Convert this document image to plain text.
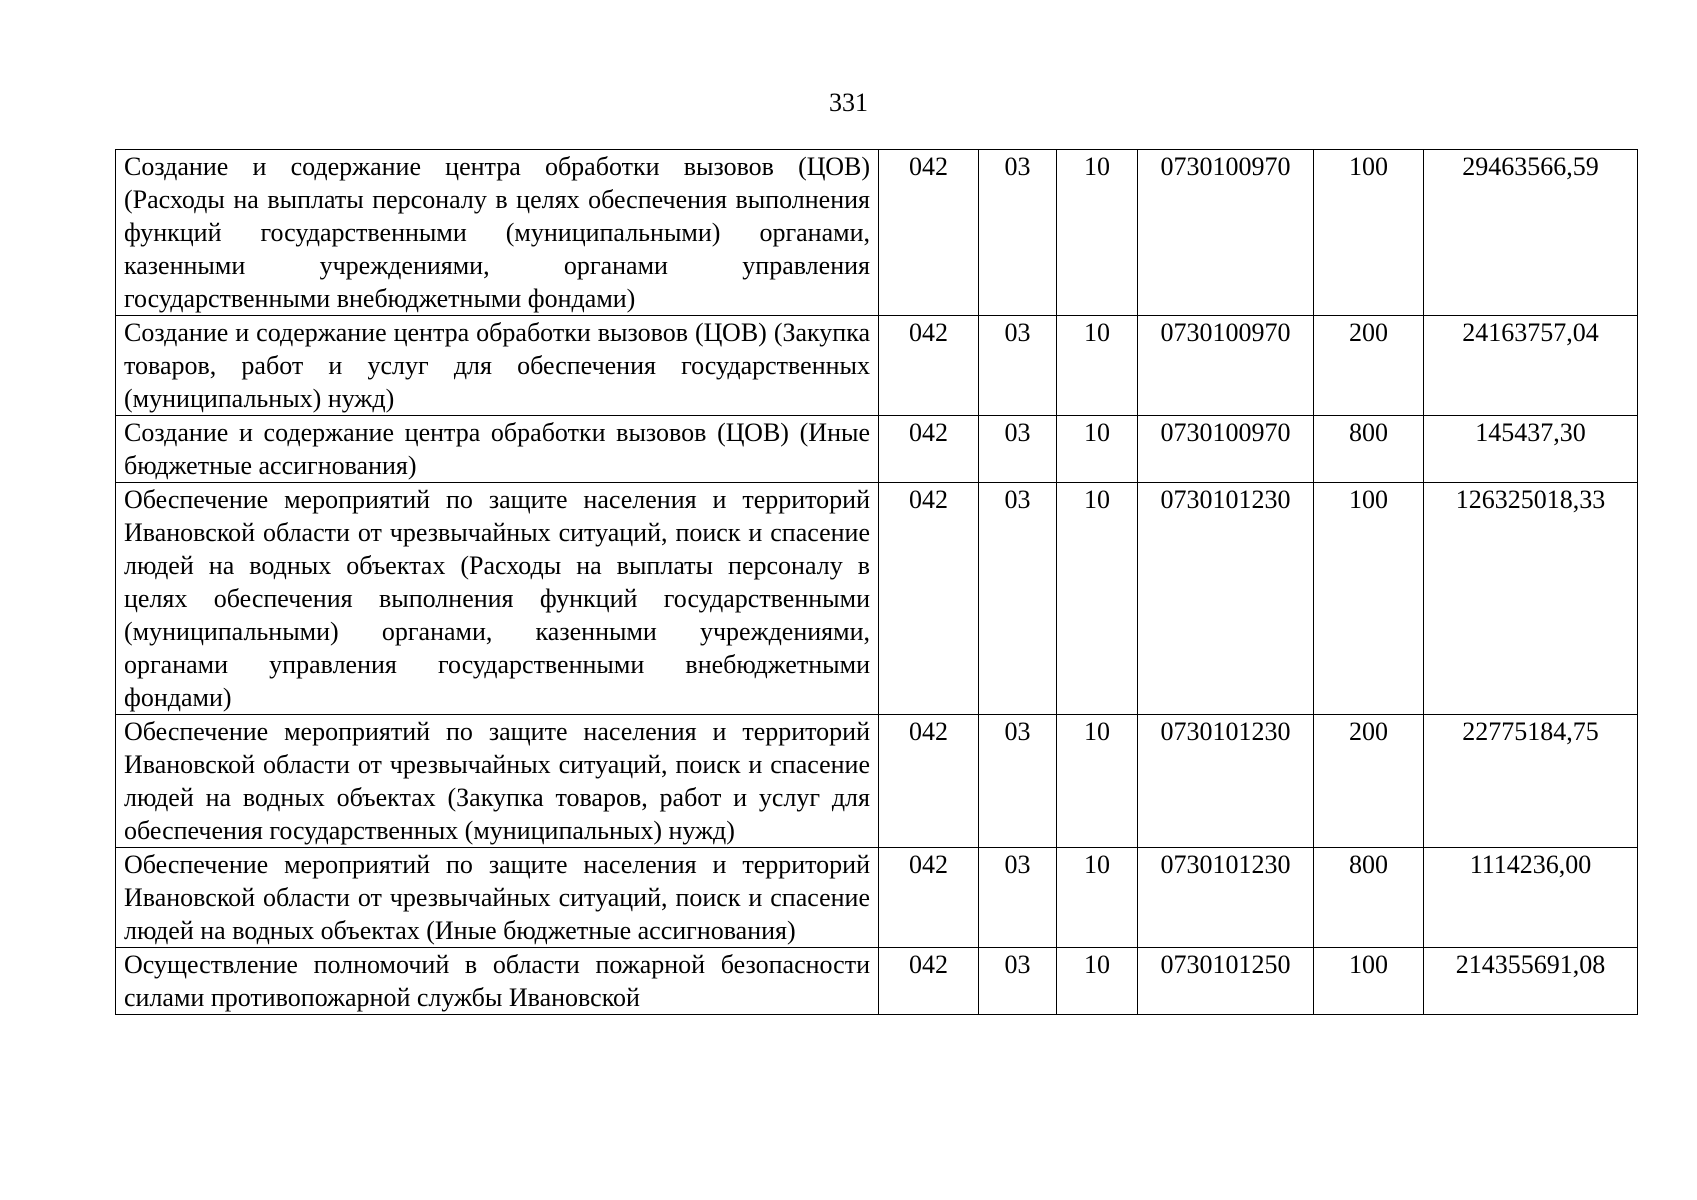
331
Создание и содержание центра обработки вызовов (ЦОВ) (Расходы на выплаты персоналу в целях обеспечения выполнения функций государственными (муниципальными) органами, казенными учреждениями, органами управления государственными внебюджетными фондами)	042	03	10	0730100970	100	29463566,59
Создание и содержание центра обработки вызовов (ЦОВ) (Закупка товаров, работ и услуг для обеспечения государственных (муниципальных) нужд)	042	03	10	0730100970	200	24163757,04
Создание и содержание центра обработки вызовов (ЦОВ) (Иные бюджетные ассигнования)	042	03	10	0730100970	800	145437,30
Обеспечение мероприятий по защите населения и территорий Ивановской области от чрезвычайных ситуаций, поиск и спасение людей на водных объектах (Расходы на выплаты персоналу в целях обеспечения выполнения функций государственными (муниципальными) органами, казенными учреждениями, органами управления государственными внебюджетными фондами)	042	03	10	0730101230	100	126325018,33
Обеспечение мероприятий по защите населения и территорий Ивановской области от чрезвычайных ситуаций, поиск и спасение людей на водных объектах (Закупка товаров, работ и услуг для обеспечения государственных (муниципальных) нужд)	042	03	10	0730101230	200	22775184,75
Обеспечение мероприятий по защите населения и территорий Ивановской области от чрезвычайных ситуаций, поиск и спасение людей на водных объектах (Иные бюджетные ассигнования)	042	03	10	0730101230	800	1114236,00
Осуществление полномочий в области пожарной безопасности силами противопожарной службы Ивановской	042	03	10	0730101250	100	214355691,08
